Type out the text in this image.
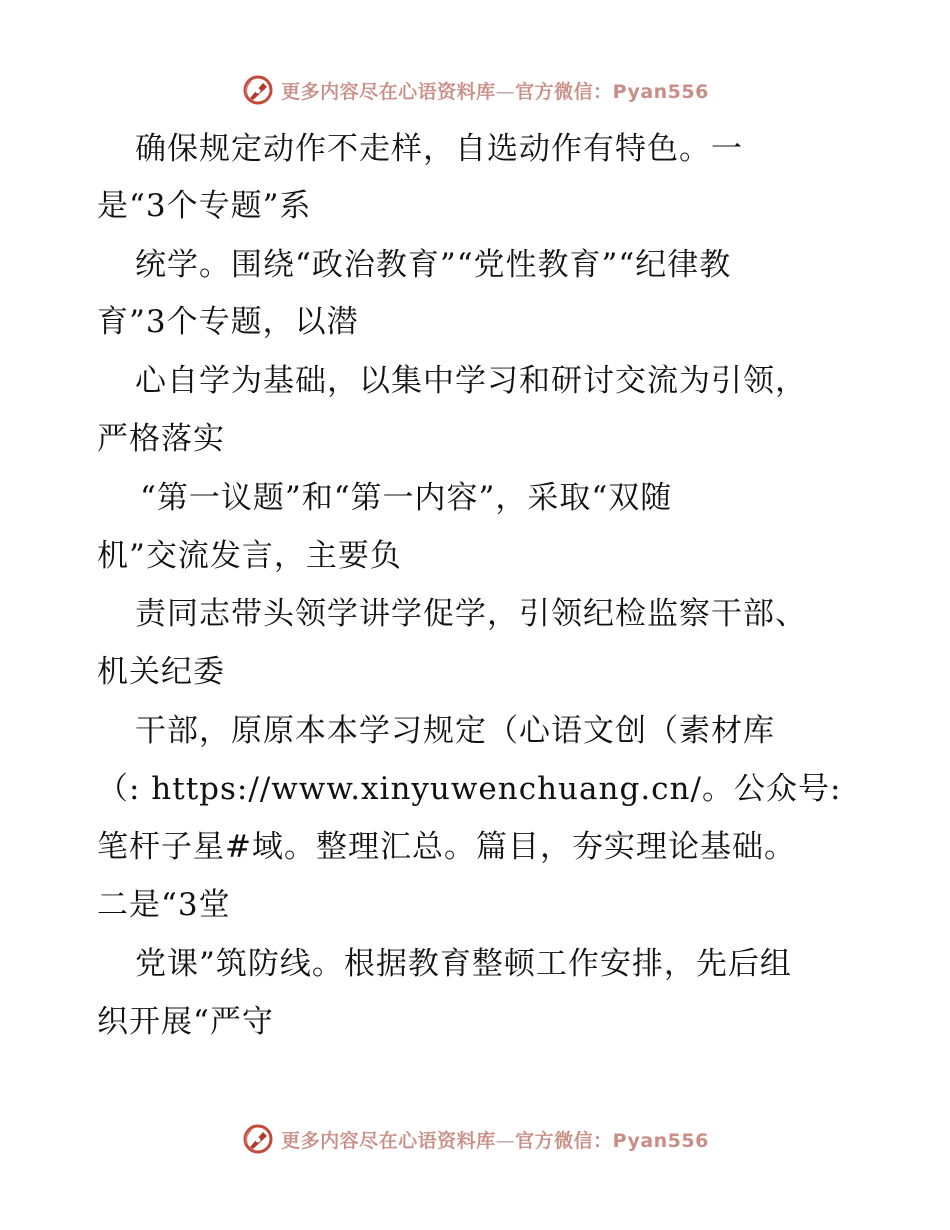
更多内容尽在心语资料库—官方微信：Pyan556
确保规定动作不走样，自选动作有特色。一
是“3个专题”系
统学。围绕“政治教育”“党性教育”“纪律教
育”3个专题，以潜
心自学为基础，以集中学习和研讨交流为引领，
严格落实
“第一议题”和“第一内容”，采取“双随
机”交流发言，主要负
责同志带头领学讲学促学，引领纪检监察干部、
机关纪委
干部，原原本本学习规定（心语文创（素材库
（: https://www.xinyuwenchuang.cn/。公众号:
笔杆子星#域。整理汇总。篇目，夯实理论基础。
二是“3堂
党课”筑防线。根据教育整顿工作安排，先后组
织开展“严守
更多内容尽在心语资料库—官方微信：Pyan556
